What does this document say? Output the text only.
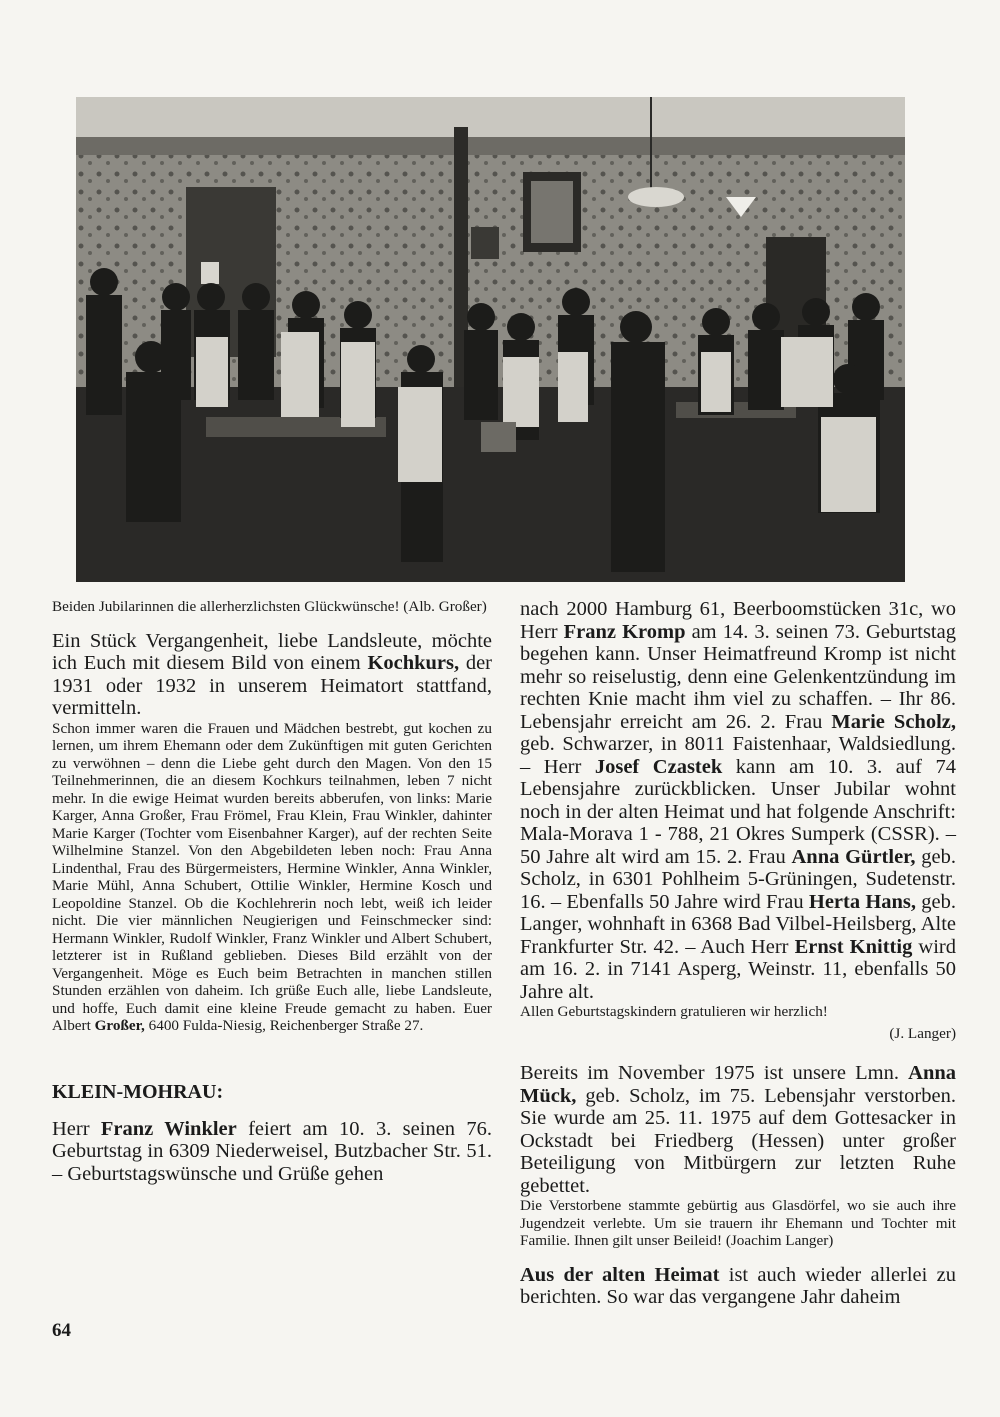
Beiden Jubilarinnen die allerherzlichsten Glückwünsche! (Alb. Großer)

Ein Stück Vergangenheit, liebe Landsleute, möchte ich Euch mit diesem Bild von einem Kochkurs, der 1931 oder 1932 in unserem Heimatort stattfand, vermitteln.

Schon immer waren die Frauen und Mädchen bestrebt, gut kochen zu lernen, um ihrem Ehemann oder dem Zukünftigen mit guten Gerichten zu verwöhnen – denn die Liebe geht durch den Magen. Von den 15 Teilnehmerinnen, die an diesem Kochkurs teilnahmen, leben 7 nicht mehr. In die ewige Heimat wurden bereits abberufen, von links: Marie Karger, Anna Großer, Frau Frömel, Frau Klein, Frau Winkler, dahinter Marie Karger (Tochter vom Eisenbahner Karger), auf der rechten Seite Wilhelmine Stanzel. Von den Abgebildeten leben noch: Frau Anna Lindenthal, Frau des Bürgermeisters, Hermine Winkler, Anna Winkler, Marie Mühl, Anna Schubert, Ottilie Winkler, Hermine Kosch und Leopoldine Stanzel. Ob die Kochlehrerin noch lebt, weiß ich leider nicht. Die vier männlichen Neugierigen und Feinschmecker sind: Hermann Winkler, Rudolf Winkler, Franz Winkler und Albert Schubert, letzterer ist in Rußland geblieben. Dieses Bild erzählt von der Vergangenheit. Möge es Euch beim Betrachten in manchen stillen Stunden erzählen von daheim. Ich grüße Euch alle, liebe Landsleute, und hoffe, Euch damit eine kleine Freude gemacht zu haben. Euer Albert Großer, 6400 Fulda-Niesig, Reichenberger Straße 27.

KLEIN-MOHRAU:

Herr Franz Winkler feiert am 10. 3. seinen 76. Geburtstag in 6309 Niederweisel, Butzbacher Str. 51. – Geburtstagswünsche und Grüße gehen

nach 2000 Hamburg 61, Beerboomstücken 31c, wo Herr Franz Kromp am 14. 3. seinen 73. Geburtstag begehen kann. Unser Heimatfreund Kromp ist nicht mehr so reiselustig, denn eine Gelenkentzündung im rechten Knie macht ihm viel zu schaffen. – Ihr 86. Lebensjahr erreicht am 26. 2. Frau Marie Scholz, geb. Schwarzer, in 8011 Faistenhaar, Waldsiedlung. – Herr Josef Czastek kann am 10. 3. auf 74 Lebensjahre zurückblicken. Unser Jubilar wohnt noch in der alten Heimat und hat folgende Anschrift: Mala-Morava 1 - 788, 21 Okres Sumperk (CSSR). – 50 Jahre alt wird am 15. 2. Frau Anna Gürtler, geb. Scholz, in 6301 Pohlheim 5-Grüningen, Sudetenstr. 16. – Ebenfalls 50 Jahre wird Frau Herta Hans, geb. Langer, wohnhaft in 6368 Bad Vilbel-Heilsberg, Alte Frankfurter Str. 42. – Auch Herr Ernst Knittig wird am 16. 2. in 7141 Asperg, Weinstr. 11, ebenfalls 50 Jahre alt.

Allen Geburtstagskindern gratulieren wir herzlich!

(J. Langer)

Bereits im November 1975 ist unsere Lmn. Anna Mück, geb. Scholz, im 75. Lebensjahr verstorben. Sie wurde am 25. 11. 1975 auf dem Gottesacker in Ockstadt bei Friedberg (Hessen) unter großer Beteiligung von Mitbürgern zur letzten Ruhe gebettet.

Die Verstorbene stammte gebürtig aus Glasdörfel, wo sie auch ihre Jugendzeit verlebte. Um sie trauern ihr Ehemann und Tochter mit Familie. Ihnen gilt unser Beileid! (Joachim Langer)

Aus der alten Heimat ist auch wieder allerlei zu berichten. So war das vergangene Jahr daheim

64
